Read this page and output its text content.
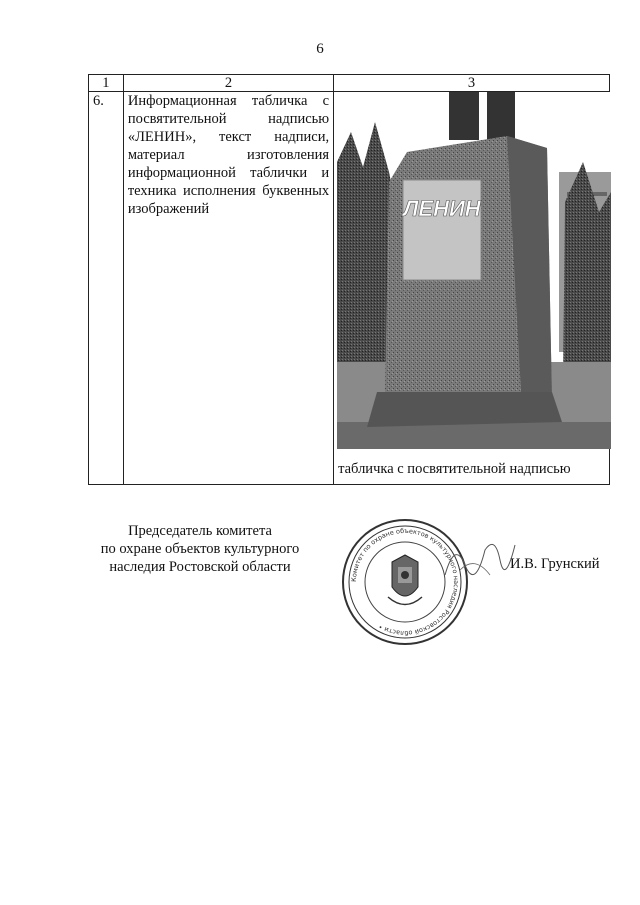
6
1	2	3
6.	Информационная табличка с посвятительной надписью «ЛЕНИН», текст надписи, материал изготовления информационной таблички и техника исполнения буквенных изображений	ЛЕНИН
табличка с посвятительной надписью
Председатель комитета
по охране объектов культурного
наследия Ростовской области
Комитет по охране объектов культурного наследия Ростовской области •
И.В. Грунский
